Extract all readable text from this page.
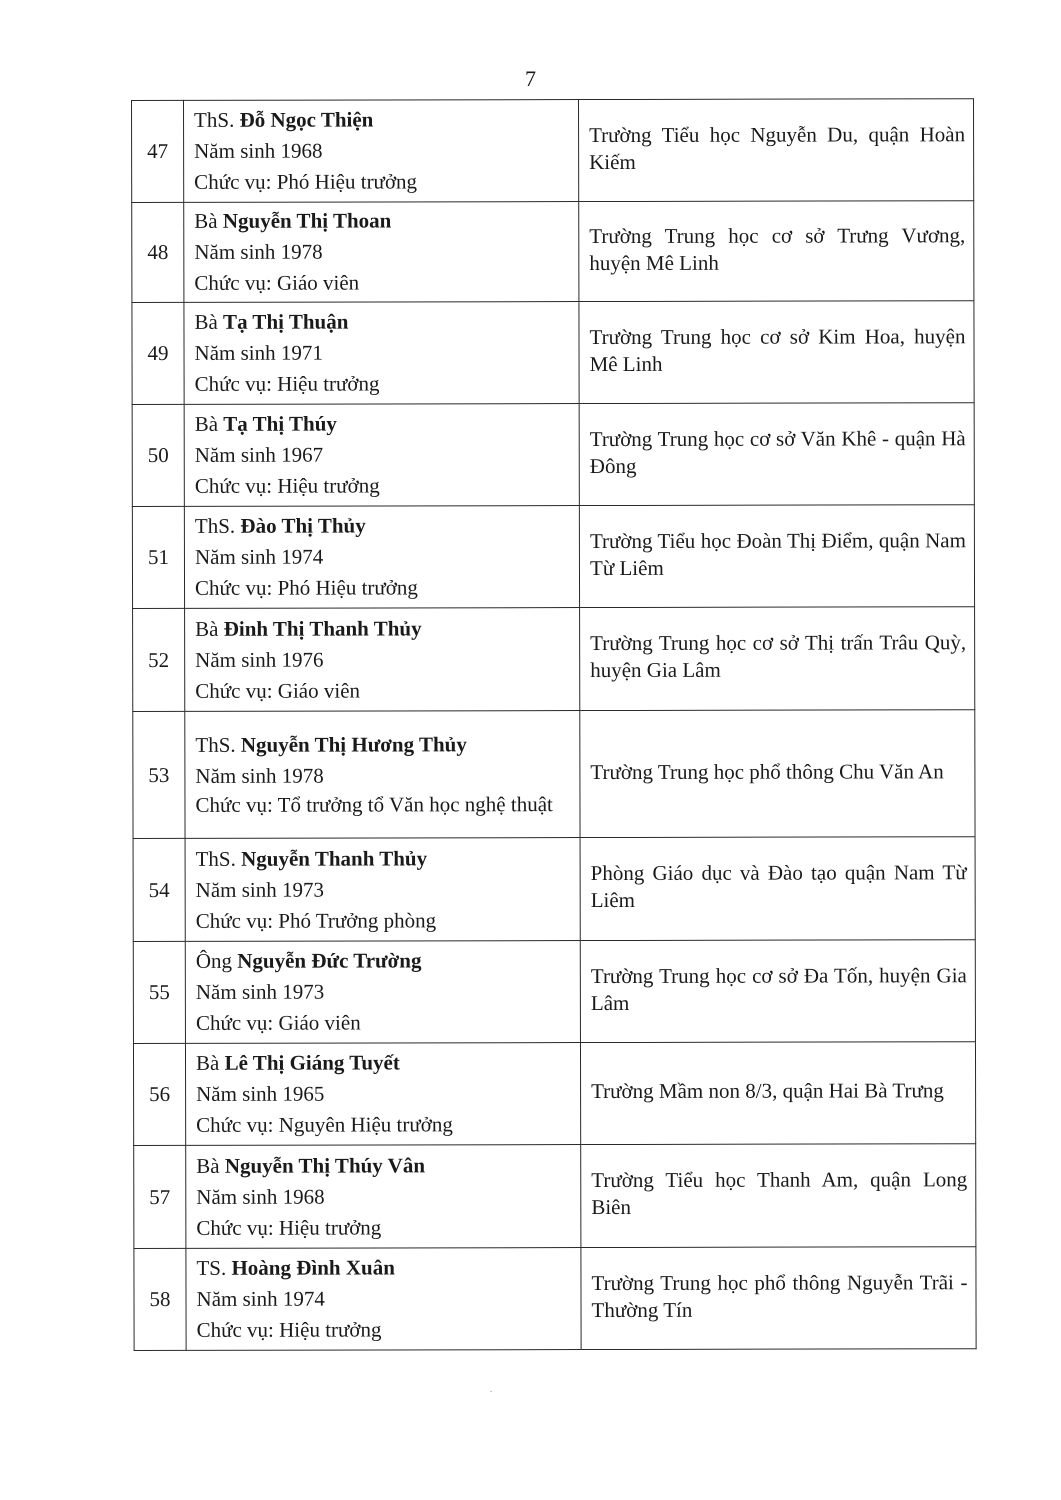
7
47	ThS. Đỗ Ngọc Thiện
Năm sinh 1968
Chức vụ: Phó Hiệu trưởng	Trường Tiểu học Nguyễn Du, quận Hoàn Kiếm
48	Bà Nguyễn Thị Thoan
Năm sinh 1978
Chức vụ: Giáo viên	Trường Trung học cơ sở Trưng Vương, huyện Mê Linh
49	Bà Tạ Thị Thuận
Năm sinh 1971
Chức vụ: Hiệu trưởng	Trường Trung học cơ sở Kim Hoa, huyện Mê Linh
50	Bà Tạ Thị Thúy
Năm sinh 1967
Chức vụ: Hiệu trưởng	Trường Trung học cơ sở Văn Khê - quận Hà Đông
51	ThS. Đào Thị Thủy
Năm sinh 1974
Chức vụ: Phó Hiệu trưởng	Trường Tiểu học Đoàn Thị Điểm, quận Nam Từ Liêm
52	Bà Đinh Thị Thanh Thủy
Năm sinh 1976
Chức vụ: Giáo viên	Trường Trung học cơ sở Thị trấn Trâu Quỳ, huyện Gia Lâm
53	ThS. Nguyễn Thị Hương Thủy
Năm sinh 1978
Chức vụ: Tổ trưởng tổ Văn học nghệ thuật	Trường Trung học phổ thông Chu Văn An
54	ThS. Nguyễn Thanh Thủy
Năm sinh 1973
Chức vụ: Phó Trưởng phòng	Phòng Giáo dục và Đào tạo quận Nam Từ Liêm
55	Ông Nguyễn Đức Trường
Năm sinh 1973
Chức vụ: Giáo viên	Trường Trung học cơ sở Đa Tốn, huyện Gia Lâm
56	Bà Lê Thị Giáng Tuyết
Năm sinh 1965
Chức vụ: Nguyên Hiệu trưởng	Trường Mầm non 8/3, quận Hai Bà Trưng
57	Bà Nguyễn Thị Thúy Vân
Năm sinh 1968
Chức vụ: Hiệu trưởng	Trường Tiểu học Thanh Am, quận Long Biên
58	TS. Hoàng Đình Xuân
Năm sinh 1974
Chức vụ: Hiệu trưởng	Trường Trung học phổ thông Nguyễn Trãi - Thường Tín
